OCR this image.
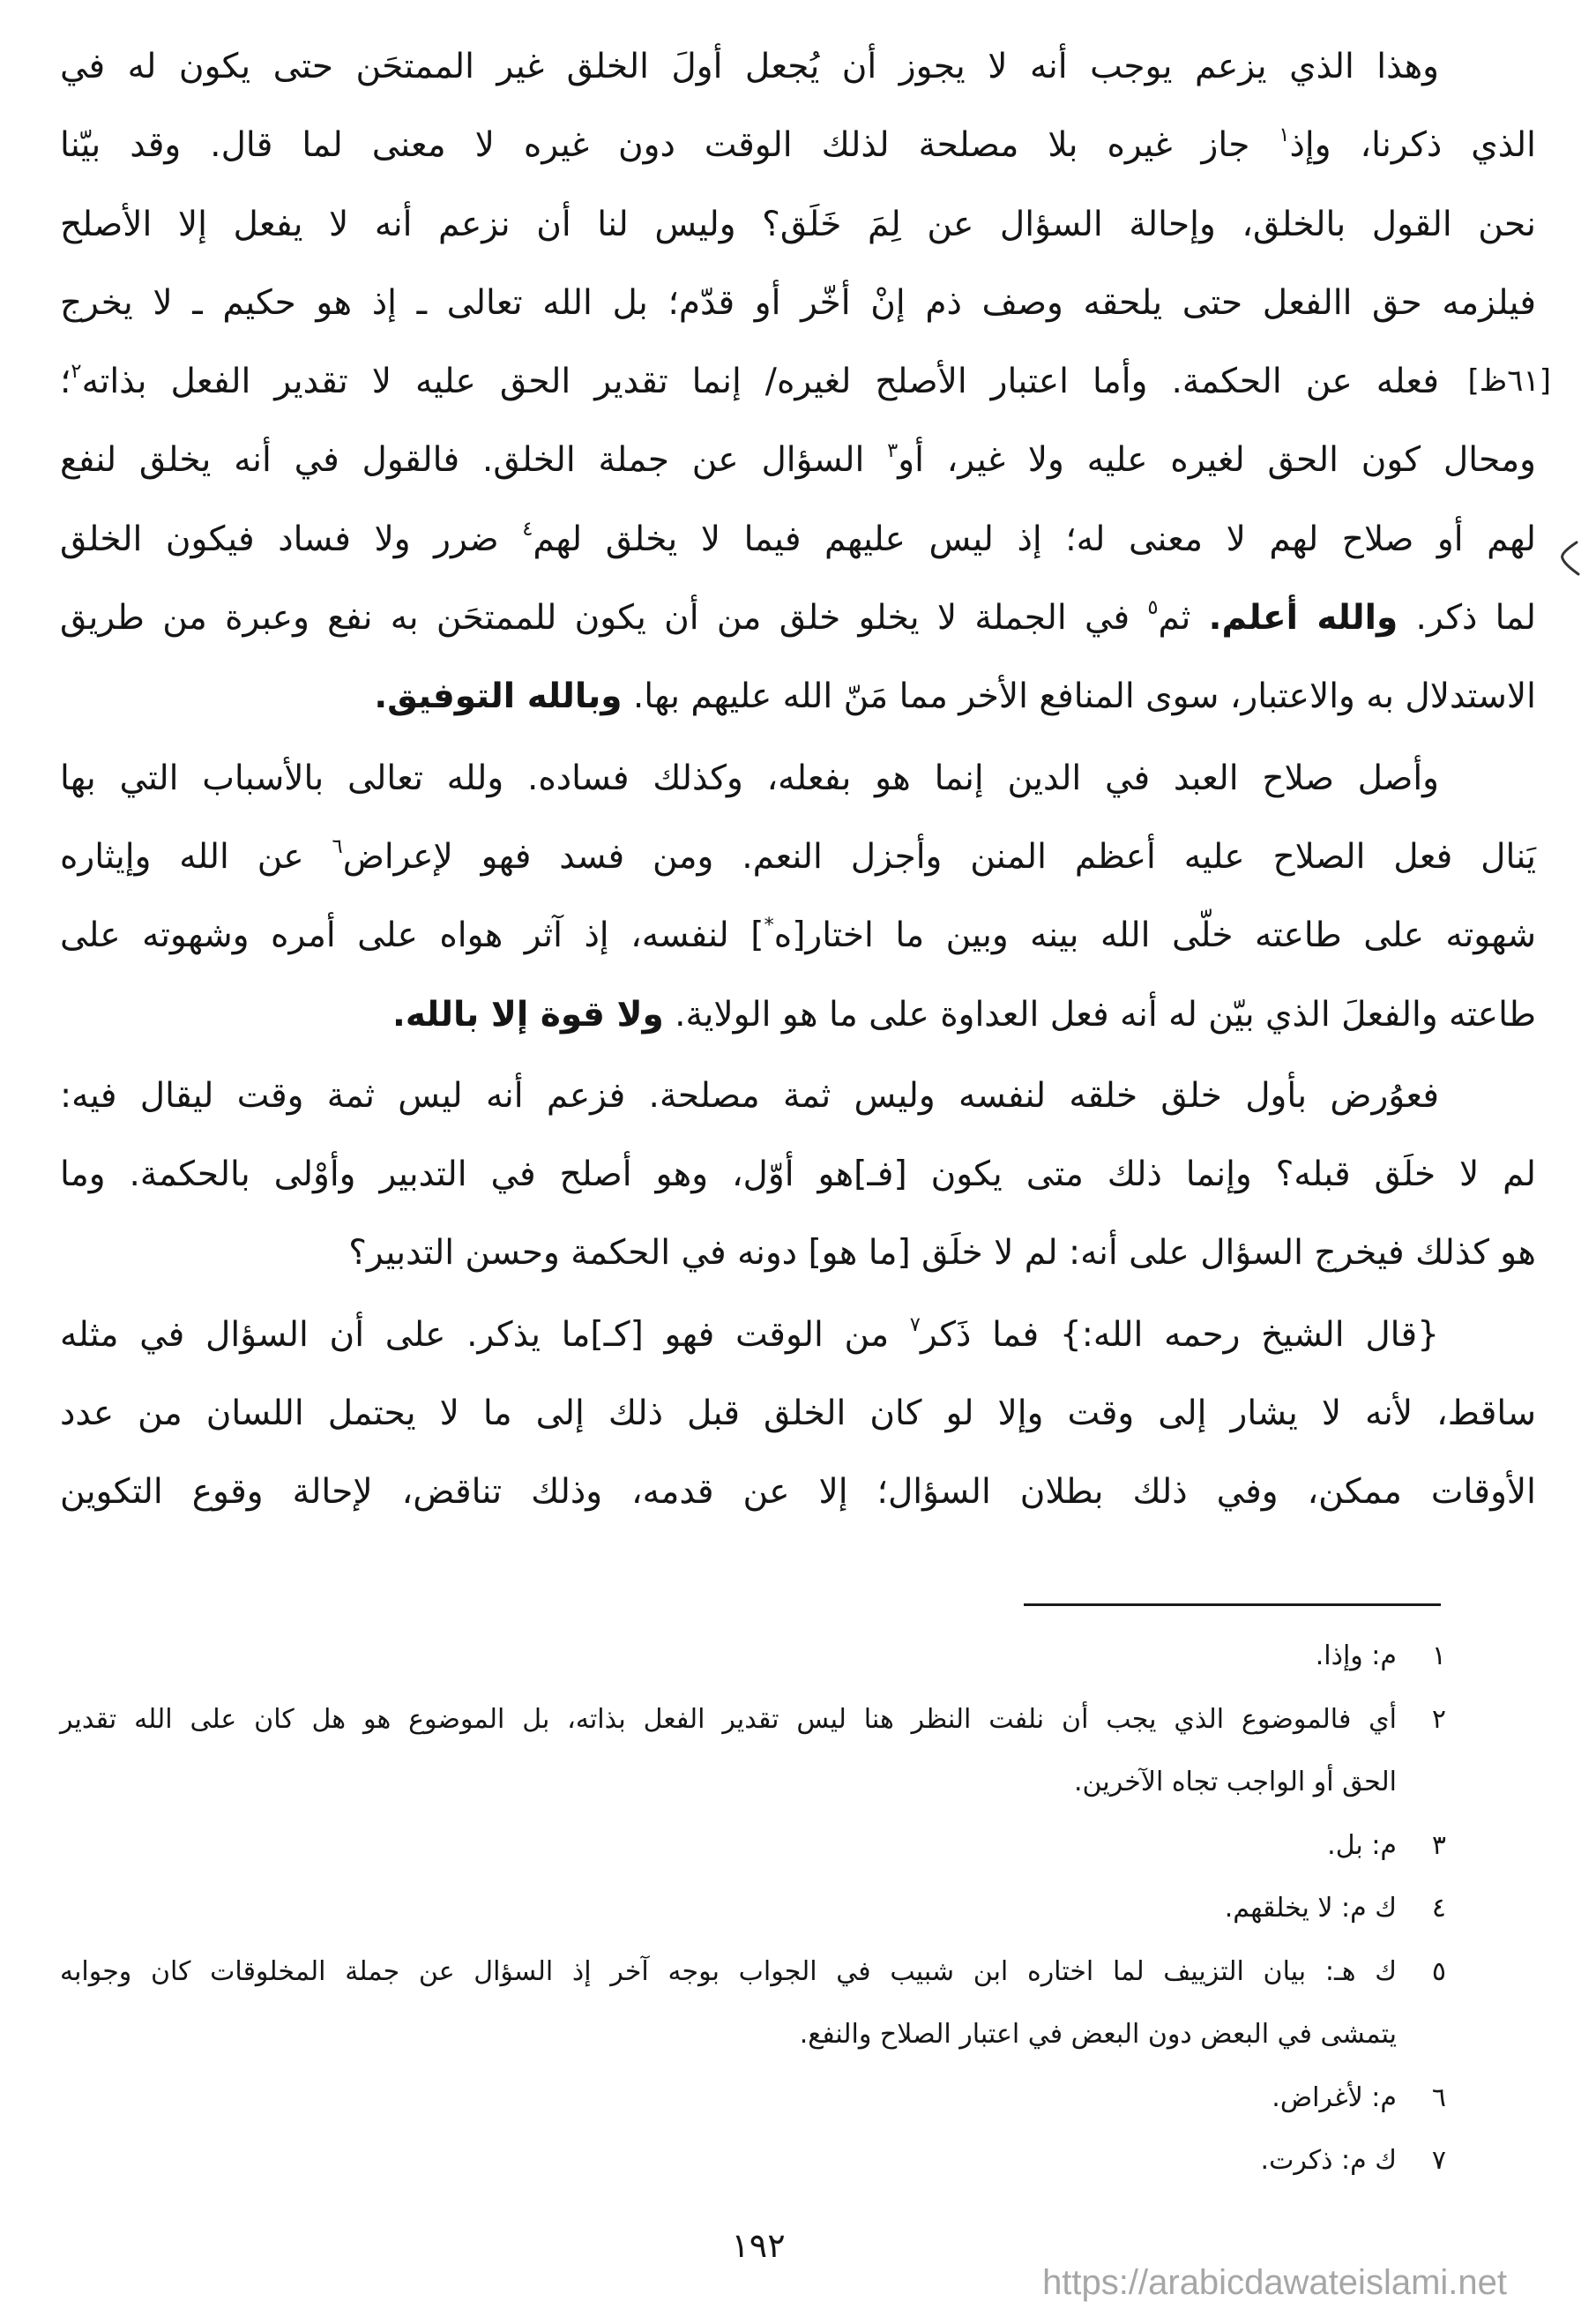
وهذا الذي يزعم يوجب أنه لا يجوز أن يُجعل أولَ الخلق غير الممتحَن حتى يكون له في
الذي ذكرنا، وإذ$^١$ جاز غيره بلا مصلحة لذلك الوقت دون غيره لا معنى لما قال. وقد بيّنا
نحن القول بالخلق، وإحالة السؤال عن لِمَ خَلَق؟ وليس لنا أن نزعم أنه لا يفعل إلا الأصلح
فيلزمه حق االفعل حتى يلحقه وصف ذم إنْ أخّر أو قدّم؛ بل الله تعالى ـ إذ هو حكيم ـ لا يخرج
[٦١ظ]
فعله عن الحكمة. وأما اعتبار الأصلح لغيره/ إنما تقدير الحق عليه لا تقدير الفعل بذاته$^٢$؛
ومحال كون الحق لغيره عليه ولا غير، أو$^٣$ السؤال عن جملة الخلق. فالقول في أنه يخلق لنفع
لهم أو صلاح لهم لا معنى له؛ إذ ليس عليهم فيما لا يخلق لهم$^٤$ ضرر ولا فساد فيكون الخلق
لما ذكر. والله أعلم. ثم$^٥$ في الجملة لا يخلو خلق من أن يكون للممتحَن به نفع وعبرة من طريق
الاستدلال به والاعتبار، سوى المنافع الأخر مما مَنّ الله عليهم بها. وبالله التوفيق.
وأصل صلاح العبد في الدين إنما هو بفعله، وكذلك فساده. ولله تعالى بالأسباب التي بها
يَنال فعل الصلاح عليه أعظم المنن وأجزل النعم. ومن فسد فهو لإعراض$^٦$ عن الله وإيثاره
شهوته على طاعته خلّى الله بينه وبين ما اختار[ه*] لنفسه، إذ آثر هواه على أمره وشهوته على
طاعته والفعلَ الذي بيّن له أنه فعل العداوة على ما هو الولاية. ولا قوة إلا بالله.
فعوُرض بأول خلق خلقه لنفسه وليس ثمة مصلحة. فزعم أنه ليس ثمة وقت ليقال فيه:
لم لا خلَق قبله؟ وإنما ذلك متى يكون [فـ]هو أوّل، وهو أصلح في التدبير وأوْلى بالحكمة. وما
هو كذلك فيخرج السؤال على أنه: لم لا خلَق [ما هو] دونه في الحكمة وحسن التدبير؟
{قال الشيخ رحمه الله:} فما ذَكر$^٧$ من الوقت فهو [كـ]ما يذكر. على أن السؤال في مثله
ساقط، لأنه لا يشار إلى وقت وإلا لو كان الخلق قبل ذلك إلى ما لا يحتمل اللسان من عدد
الأوقات ممكن، وفي ذلك بطلان السؤال؛ إلا عن قدمه، وذلك تناقض، لإحالة وقوع التكوين
١
م: وإذا.
٢
أي فالموضوع الذي يجب أن نلفت النظر هنا ليس تقدير الفعل بذاته، بل الموضوع هو هل كان على الله تقدير
الحق أو الواجب تجاه الآخرين.
٣
م: بل.
٤
ك م: لا يخلقهم.
٥
ك هـ: بيان التزييف لما اختاره ابن شبيب في الجواب بوجه آخر إذ السؤال عن جملة المخلوقات كان وجوابه
يتمشى في البعض دون البعض في اعتبار الصلاح والنفع.
٦
م: لأغراض.
٧
ك م: ذكرت.
١٩٢
https://arabicdawateislami.net
